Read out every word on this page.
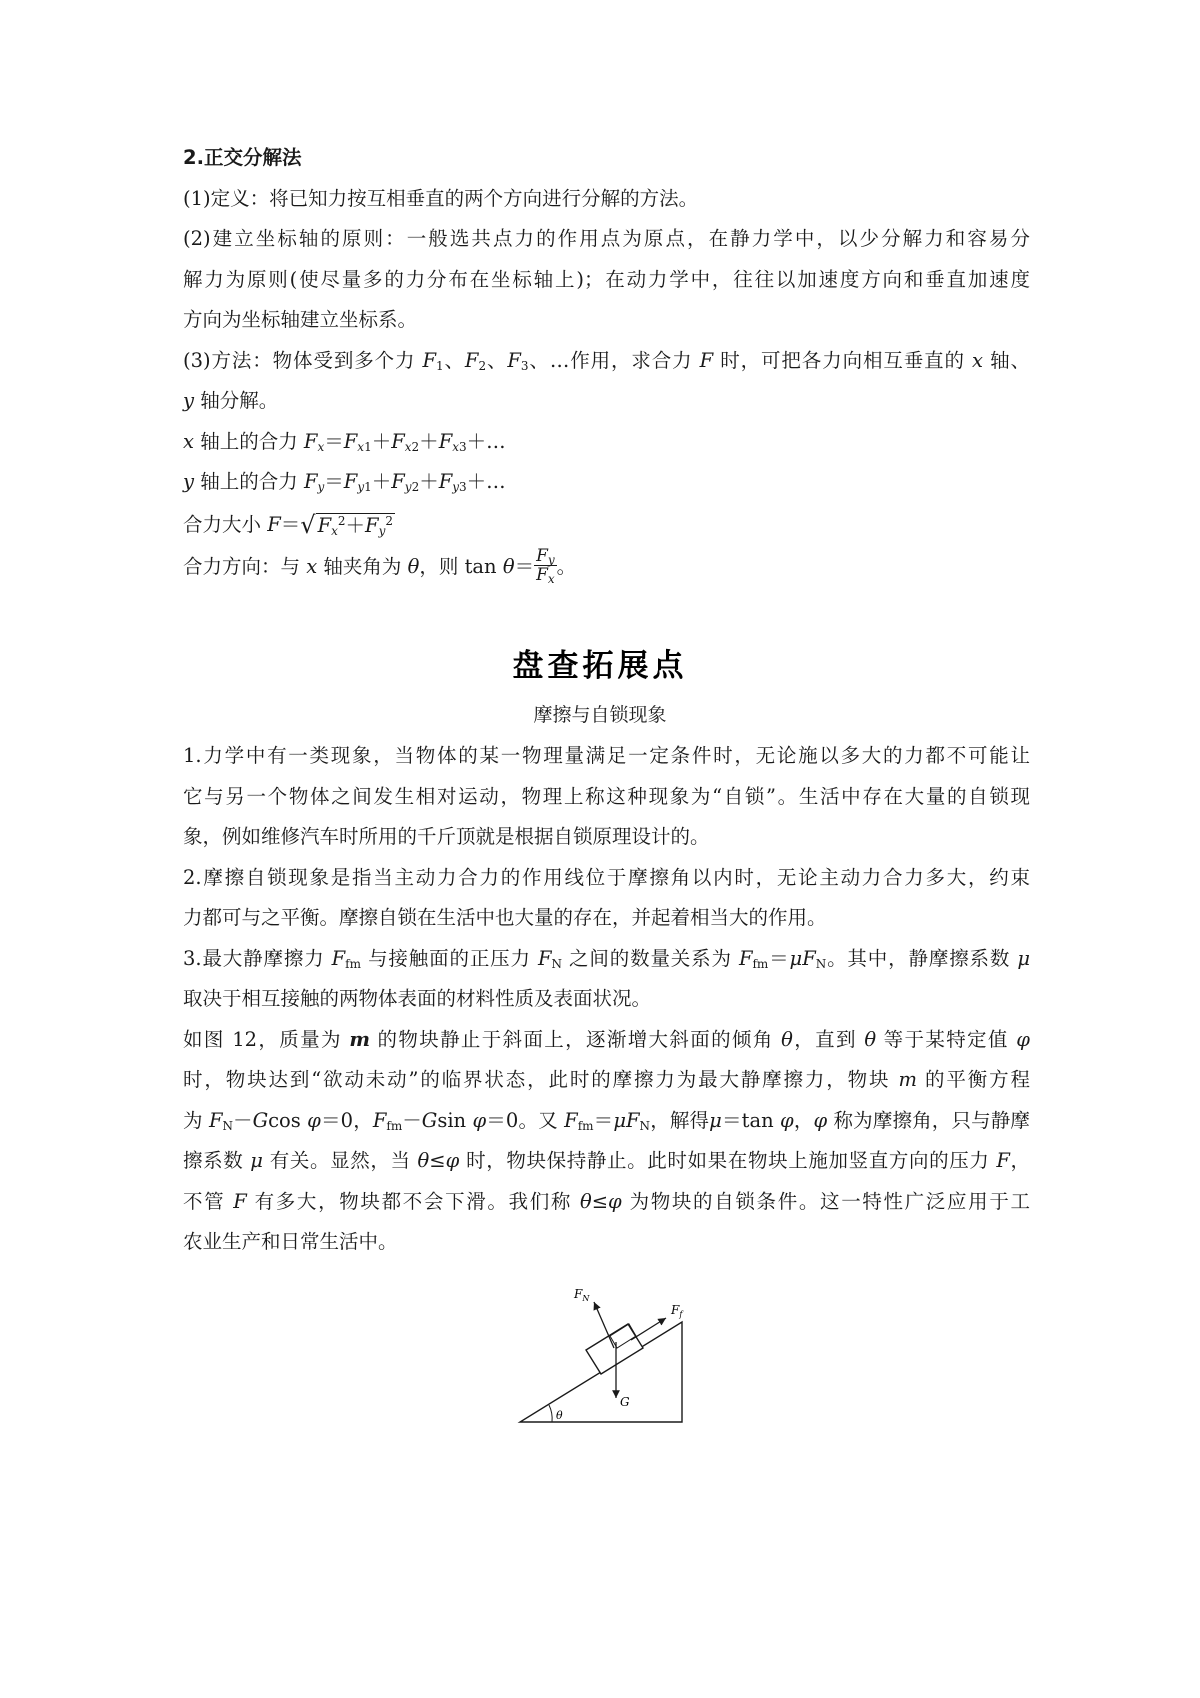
2.正交分解法
(1)定义：将已知力按互相垂直的两个方向进行分解的方法。
(2)建立坐标轴的原则：一般选共点力的作用点为原点，在静力学中，以少分解力和容易分
解力为原则(使尽量多的力分布在坐标轴上)；在动力学中，往往以加速度方向和垂直加速度
方向为坐标轴建立坐标系。
(3)方法：物体受到多个力 $F_1$、$F_2$、$F_3$、…作用，求合力 F 时，可把各力向相互垂直的 x 轴、
y 轴分解。
x 轴上的合力 $F_x=F_{x1}+F_{x2}+F_{x3}+\dots$
y 轴上的合力 $F_y=F_{y1}+F_{y2}+F_{y3}+\dots$
合力大小 F＝√ $F_x^2+F_y^2$
合力方向：与 x 轴夹角为 θ，则 $\tan \theta= \frac{F_y}{F_x}$ 。
盘查拓展点
摩擦与自锁现象
1.力学中有一类现象，当物体的某一物理量满足一定条件时，无论施以多大的力都不可能让
它与另一个物体之间发生相对运动，物理上称这种现象为“自锁”。生活中存在大量的自锁现
象，例如维修汽车时所用的千斤顶就是根据自锁原理设计的。
2.摩擦自锁现象是指当主动力合力的作用线位于摩擦角以内时，无论主动力合力多大，约束
力都可与之平衡。摩擦自锁在生活中也大量的存在，并起着相当大的作用。
3.最大静摩擦力 $F_{fm}$ 与接触面的正压力 $F_N$ 之间的数量关系为 $F_{fm}=\mu F_N$。其中，静摩擦系数 μ
取决于相互接触的两物体表面的材料性质及表面状况。
如图 12，质量为 m 的物块静止于斜面上，逐渐增大斜面的倾角 θ，直到 θ 等于某特定值 φ
时，物块达到“欲动未动”的临界状态，此时的摩擦力为最大静摩擦力，物块 m 的平衡方程
为 $F_N-Gcos$ φ＝0，$F_{fm}-Gsin$ φ＝0。又 $F_{fm}=\mu F_N$，解得μ＝tan φ，φ 称为摩擦角，只与静摩
擦系数 μ 有关。显然，当 θ≤φ 时，物块保持静止。此时如果在物块上施加竖直方向的压力 F，
不管 F 有多大，物块都不会下滑。我们称 θ≤φ 为物块的自锁条件。这一特性广泛应用于工
农业生产和日常生活中。
$F_N$
$F_f$
G
θ
